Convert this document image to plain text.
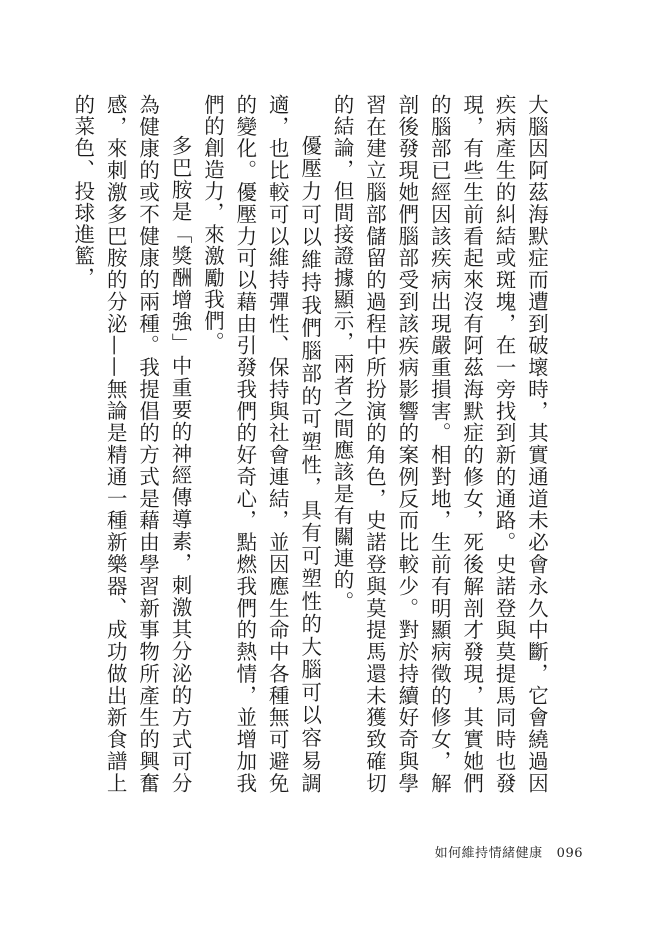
大腦因阿茲海默症而遭到破壞時，其實通道未必會永久中斷，它會繞過因疾病產生的糾結或斑塊，在一旁找到新的通路。史諾登與莫提馬同時也發現，有些生前看起來沒有阿茲海默症的修女，死後解剖才發現，其實她們的腦部已經因該疾病出現嚴重損害。相對地，生前有明顯病徵的修女，解剖後發現她們腦部受到該疾病影響的案例反而比較少。對於持續好奇與學習在建立腦部儲留的過程中所扮演的角色，史諾登與莫提馬還未獲致確切的結論，但間接證據顯示，兩者之間應該是有關連的。

優壓力可以維持我們腦部的可塑性，具有可塑性的大腦可以容易調適，也比較可以維持彈性、保持與社會連結，並因應生命中各種無可避免的變化。優壓力可以藉由引發我們的好奇心，點燃我們的熱情，並增加我們的創造力，來激勵我們。

多巴胺是「獎酬增強」中重要的神經傳導素，刺激其分泌的方式可分為健康的或不健康的兩種。我提倡的方式是藉由學習新事物所產生的興奮感，來刺激多巴胺的分泌——無論是精通一種新樂器、成功做出新食譜上的菜色、投球進籃，

如何維持情緒健康 096
